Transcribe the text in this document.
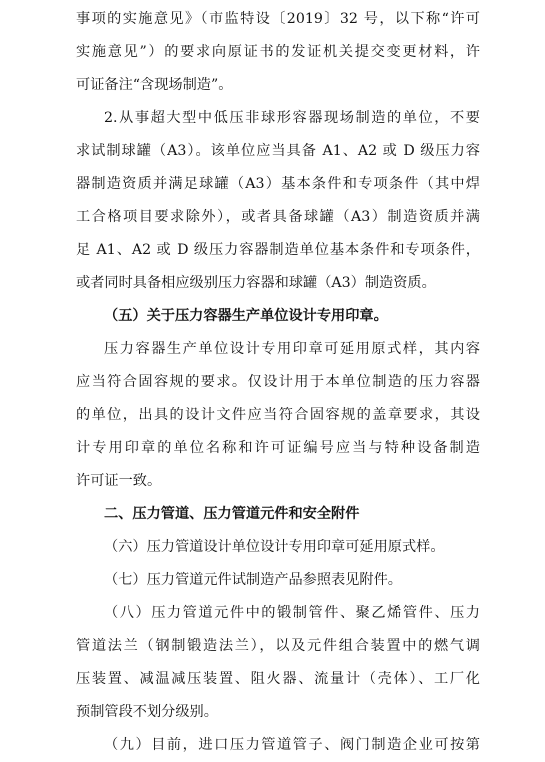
事项的实施意见》（市监特设〔2019〕32 号，以下称“许可
实施意见”）的要求向原证书的发证机关提交变更材料，许
可证备注“含现场制造”。
2.从事超大型中低压非球形容器现场制造的单位，不要
求试制球罐（A3）。该单位应当具备 A1、A2 或 D 级压力容
器制造资质并满足球罐（A3）基本条件和专项条件（其中焊
工合格项目要求除外），或者具备球罐（A3）制造资质并满
足 A1、A2 或 D 级压力容器制造单位基本条件和专项条件，
或者同时具备相应级别压力容器和球罐（A3）制造资质。
（五）关于压力容器生产单位设计专用印章。
压力容器生产单位设计专用印章可延用原式样，其内容
应当符合固容规的要求。仅设计用于本单位制造的压力容器
的单位，出具的设计文件应当符合固容规的盖章要求，其设
计专用印章的单位名称和许可证编号应当与特种设备制造
许可证一致。
二、压力管道、压力管道元件和安全附件
（六）压力管道设计单位设计专用印章可延用原式样。
（七）压力管道元件试制造产品参照表见附件。
（八）压力管道元件中的锻制管件、聚乙烯管件、压力
管道法兰（钢制锻造法兰），以及元件组合装置中的燃气调
压装置、减温减压装置、阻火器、流量计（壳体）、工厂化
预制管段不划分级别。
（九）目前，进口压力管道管子、阀门制造企业可按第
